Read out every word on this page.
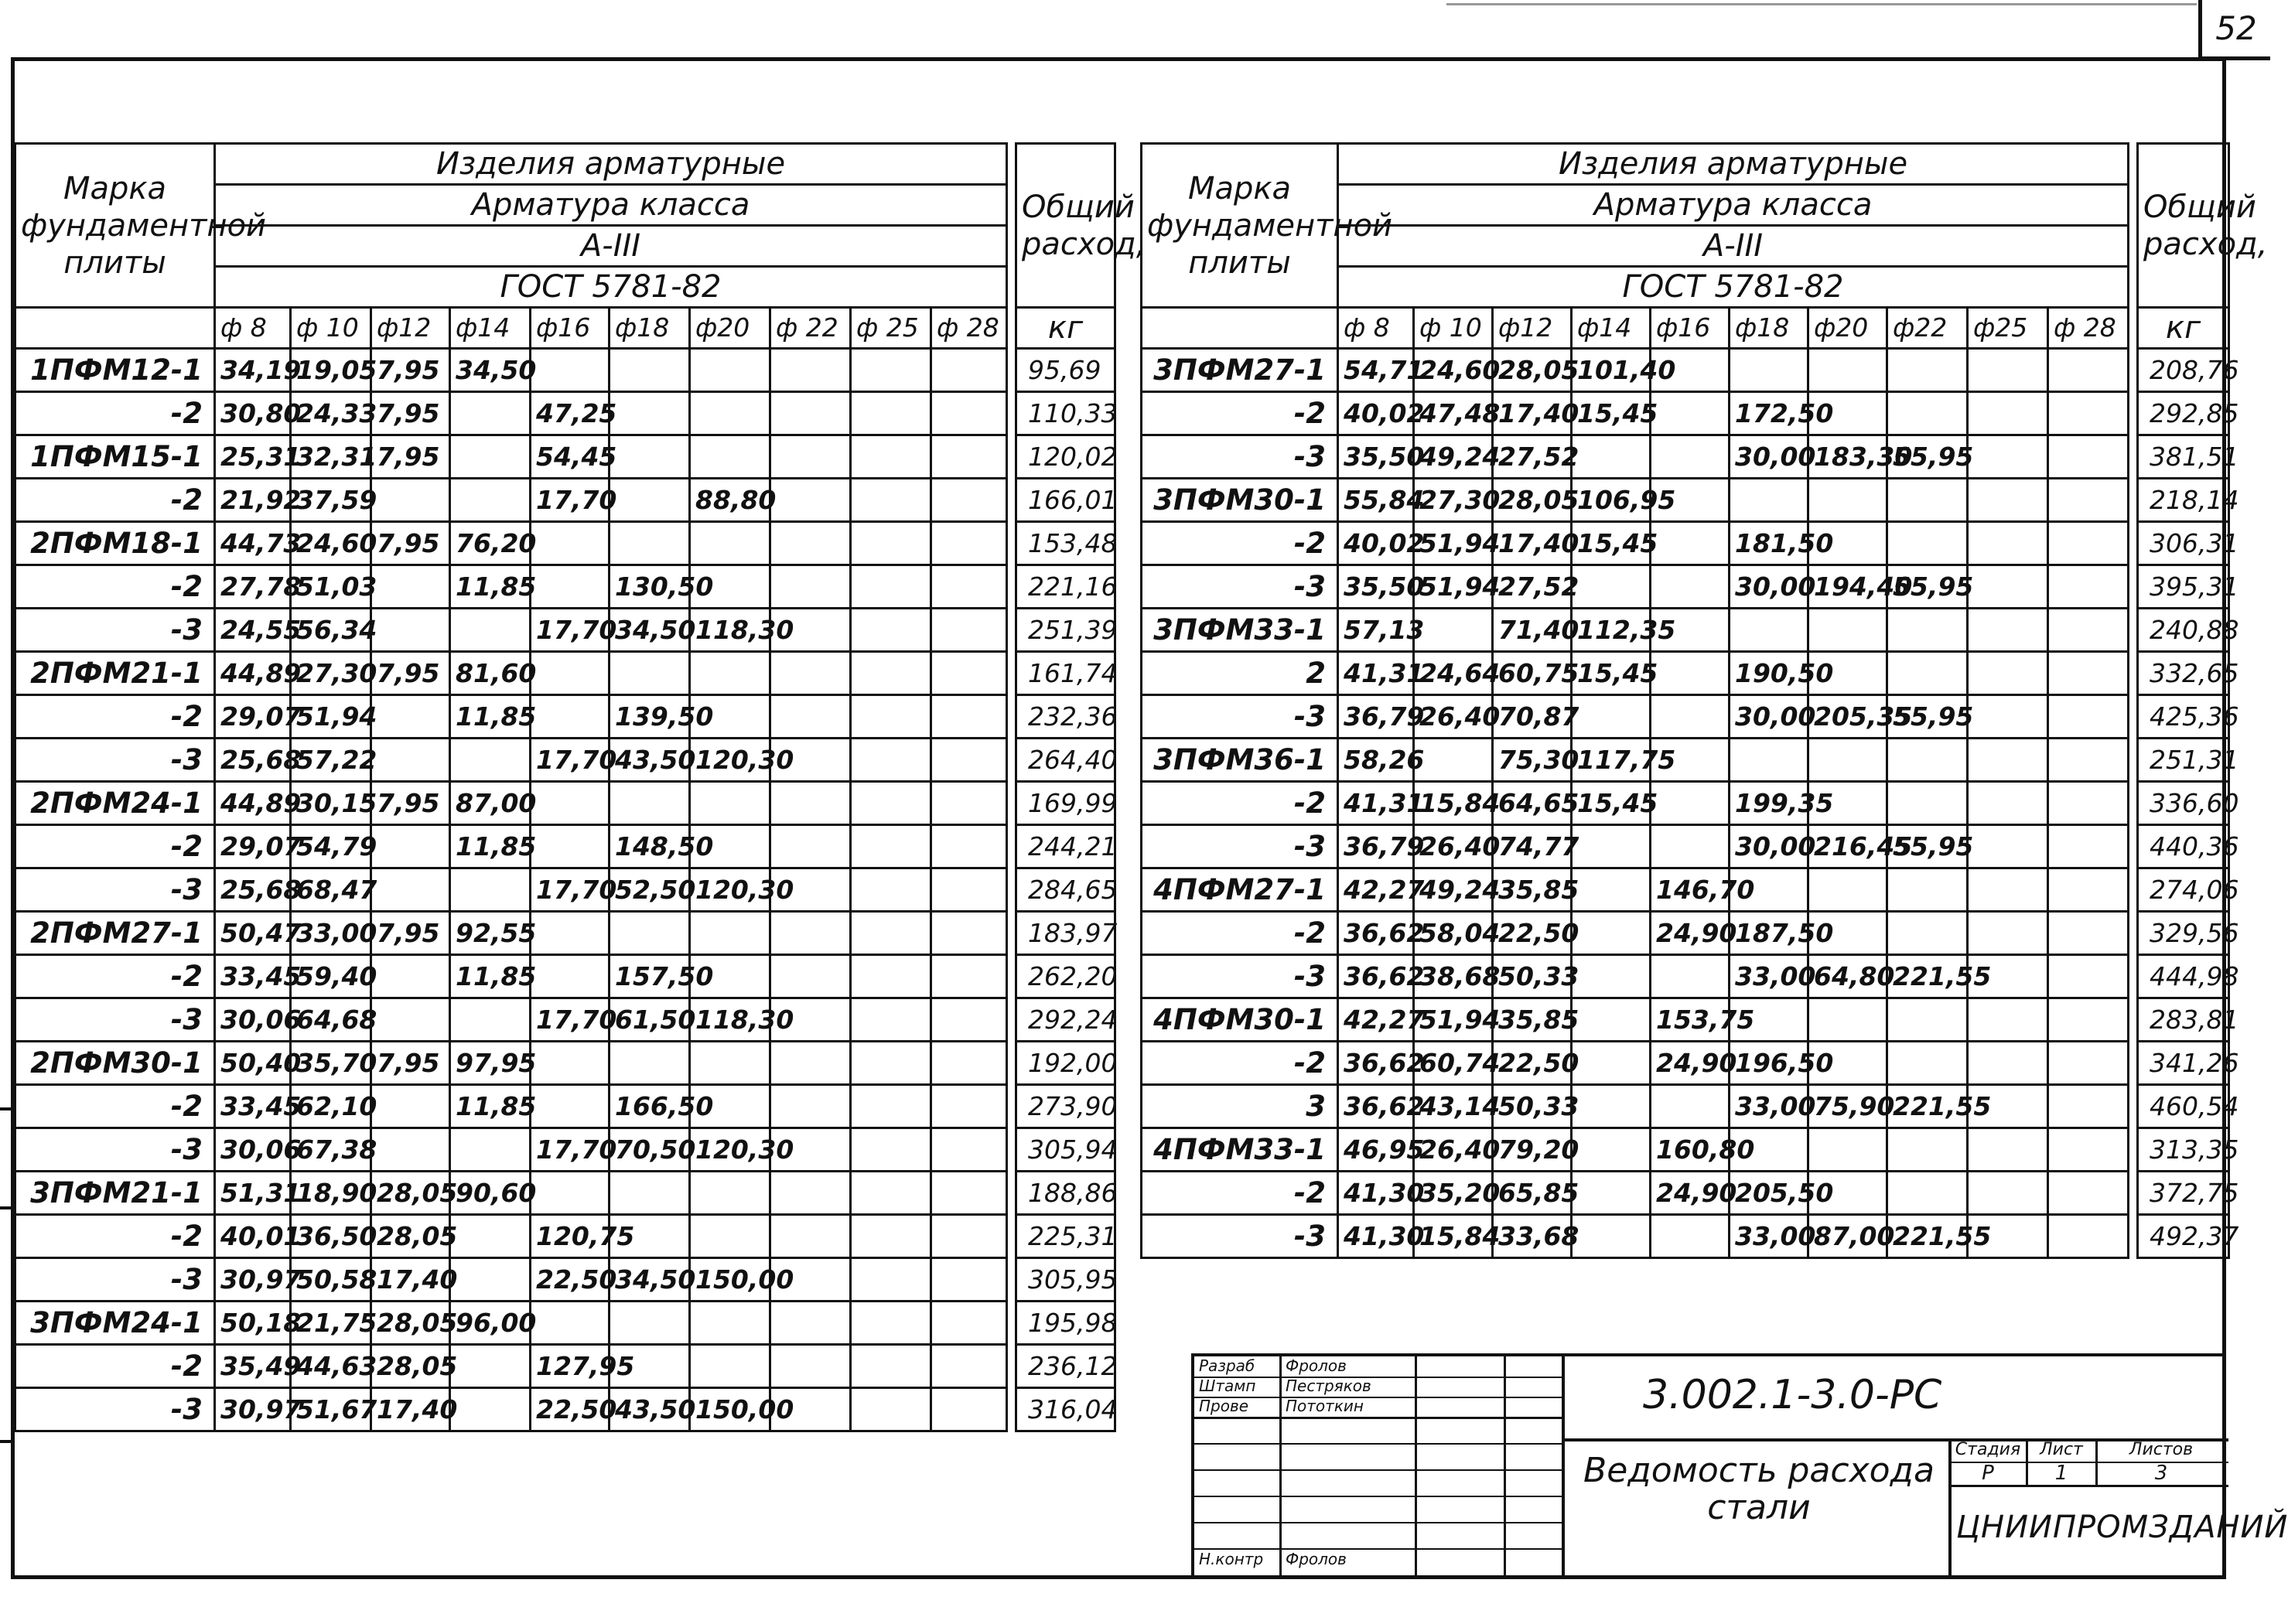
52
Марка фундаментной плиты	Изделия арматурные											Общий расход,
	Арматура класса											
	А-III											
	ГОСТ 5781-82											
	ф 8	ф 10	ф12	ф14	ф16	ф18	ф20	ф 22	ф 25	ф 28		кг
1ПФМ12-1	34,19	19,05	7,95	34,50								95,69
-2	30,80	24,33	7,95		47,25							110,33
1ПФМ15-1	25,31	32,31	7,95		54,45							120,02
-2	21,92	37,59			17,70		88,80					166,01
2ПФМ18-1	44,73	24,60	7,95	76,20								153,48
-2	27,78	51,03		11,85		130,50						221,16
-3	24,55	56,34			17,70	34,50	118,30					251,39
2ПФМ21-1	44,89	27,30	7,95	81,60								161,74
-2	29,07	51,94		11,85		139,50						232,36
-3	25,68	57,22			17,70	43,50	120,30					264,40
2ПФМ24-1	44,89	30,15	7,95	87,00								169,99
-2	29,07	54,79		11,85		148,50						244,21
-3	25,68	68,47			17,70	52,50	120,30					284,65
2ПФМ27-1	50,47	33,00	7,95	92,55								183,97
-2	33,45	59,40		11,85		157,50						262,20
-3	30,06	64,68			17,70	61,50	118,30					292,24
2ПФМ30-1	50,40	35,70	7,95	97,95								192,00
-2	33,45	62,10		11,85		166,50						273,90
-3	30,06	67,38			17,70	70,50	120,30					305,94
3ПФМ21-1	51,31	18,90	28,05	90,60								188,86
-2	40,01	36,50	28,05		120,75							225,31
-3	30,97	50,58	17,40		22,50	34,50	150,00					305,95
3ПФМ24-1	50,18	21,75	28,05	96,00								195,98
-2	35,49	44,63	28,05		127,95							236,12
-3	30,97	51,67	17,40		22,50	43,50	150,00					316,04
Марка фундаментной плиты	Изделия арматурные											Общий расход,
	Арматура класса											
	А-III											
	ГОСТ 5781-82											
	ф 8	ф 10	ф12	ф14	ф16	ф18	ф20	ф22	ф25	ф 28		кг
3ПФМ27-1	54,71	24,60	28,05	101,40								208,76
-2	40,02	47,48	17,40	15,45		172,50						292,85
-3	35,50	49,24	27,52			30,00	183,30	55,95				381,51
3ПФМ30-1	55,84	27,30	28,05	106,95								218,14
-2	40,02	51,94	17,40	15,45		181,50						306,31
-3	35,50	51,94	27,52			30,00	194,40	55,95				395,31
3ПФМ33-1	57,13		71,40	112,35								240,88
2	41,31	24,64	60,75	15,45		190,50						332,65
-3	36,79	26,40	70,87			30,00	205,35	55,95				425,36
3ПФМ36-1	58,26		75,30	117,75								251,31
-2	41,31	15,84	64,65	15,45		199,35						336,60
-3	36,79	26,40	74,77			30,00	216,45	55,95				440,36
4ПФМ27-1	42,27	49,24	35,85		146,70							274,06
-2	36,62	58,04	22,50		24,90	187,50						329,56
-3	36,62	38,68	50,33			33,00	64,80	221,55				444,98
4ПФМ30-1	42,27	51,94	35,85		153,75							283,81
-2	36,62	60,74	22,50		24,90	196,50						341,26
3	36,62	43,14	50,33			33,00	75,90	221,55				460,54
4ПФМ33-1	46,95	26,40	79,20		160,80							313,35
-2	41,30	35,20	65,85		24,90	205,50						372,75
-3	41,30	15,84	33,68			33,00	87,00	221,55				492,37
Разраб Фролов
Штамп Пестряков
Прове Пототкин
Н.контр Фролов
3.002.1-3.0-РС
Ведомость расхода стали
Стадия	Лист	Листов
Р	1	3
ЦНИИПРОМЗДАНИЙ
